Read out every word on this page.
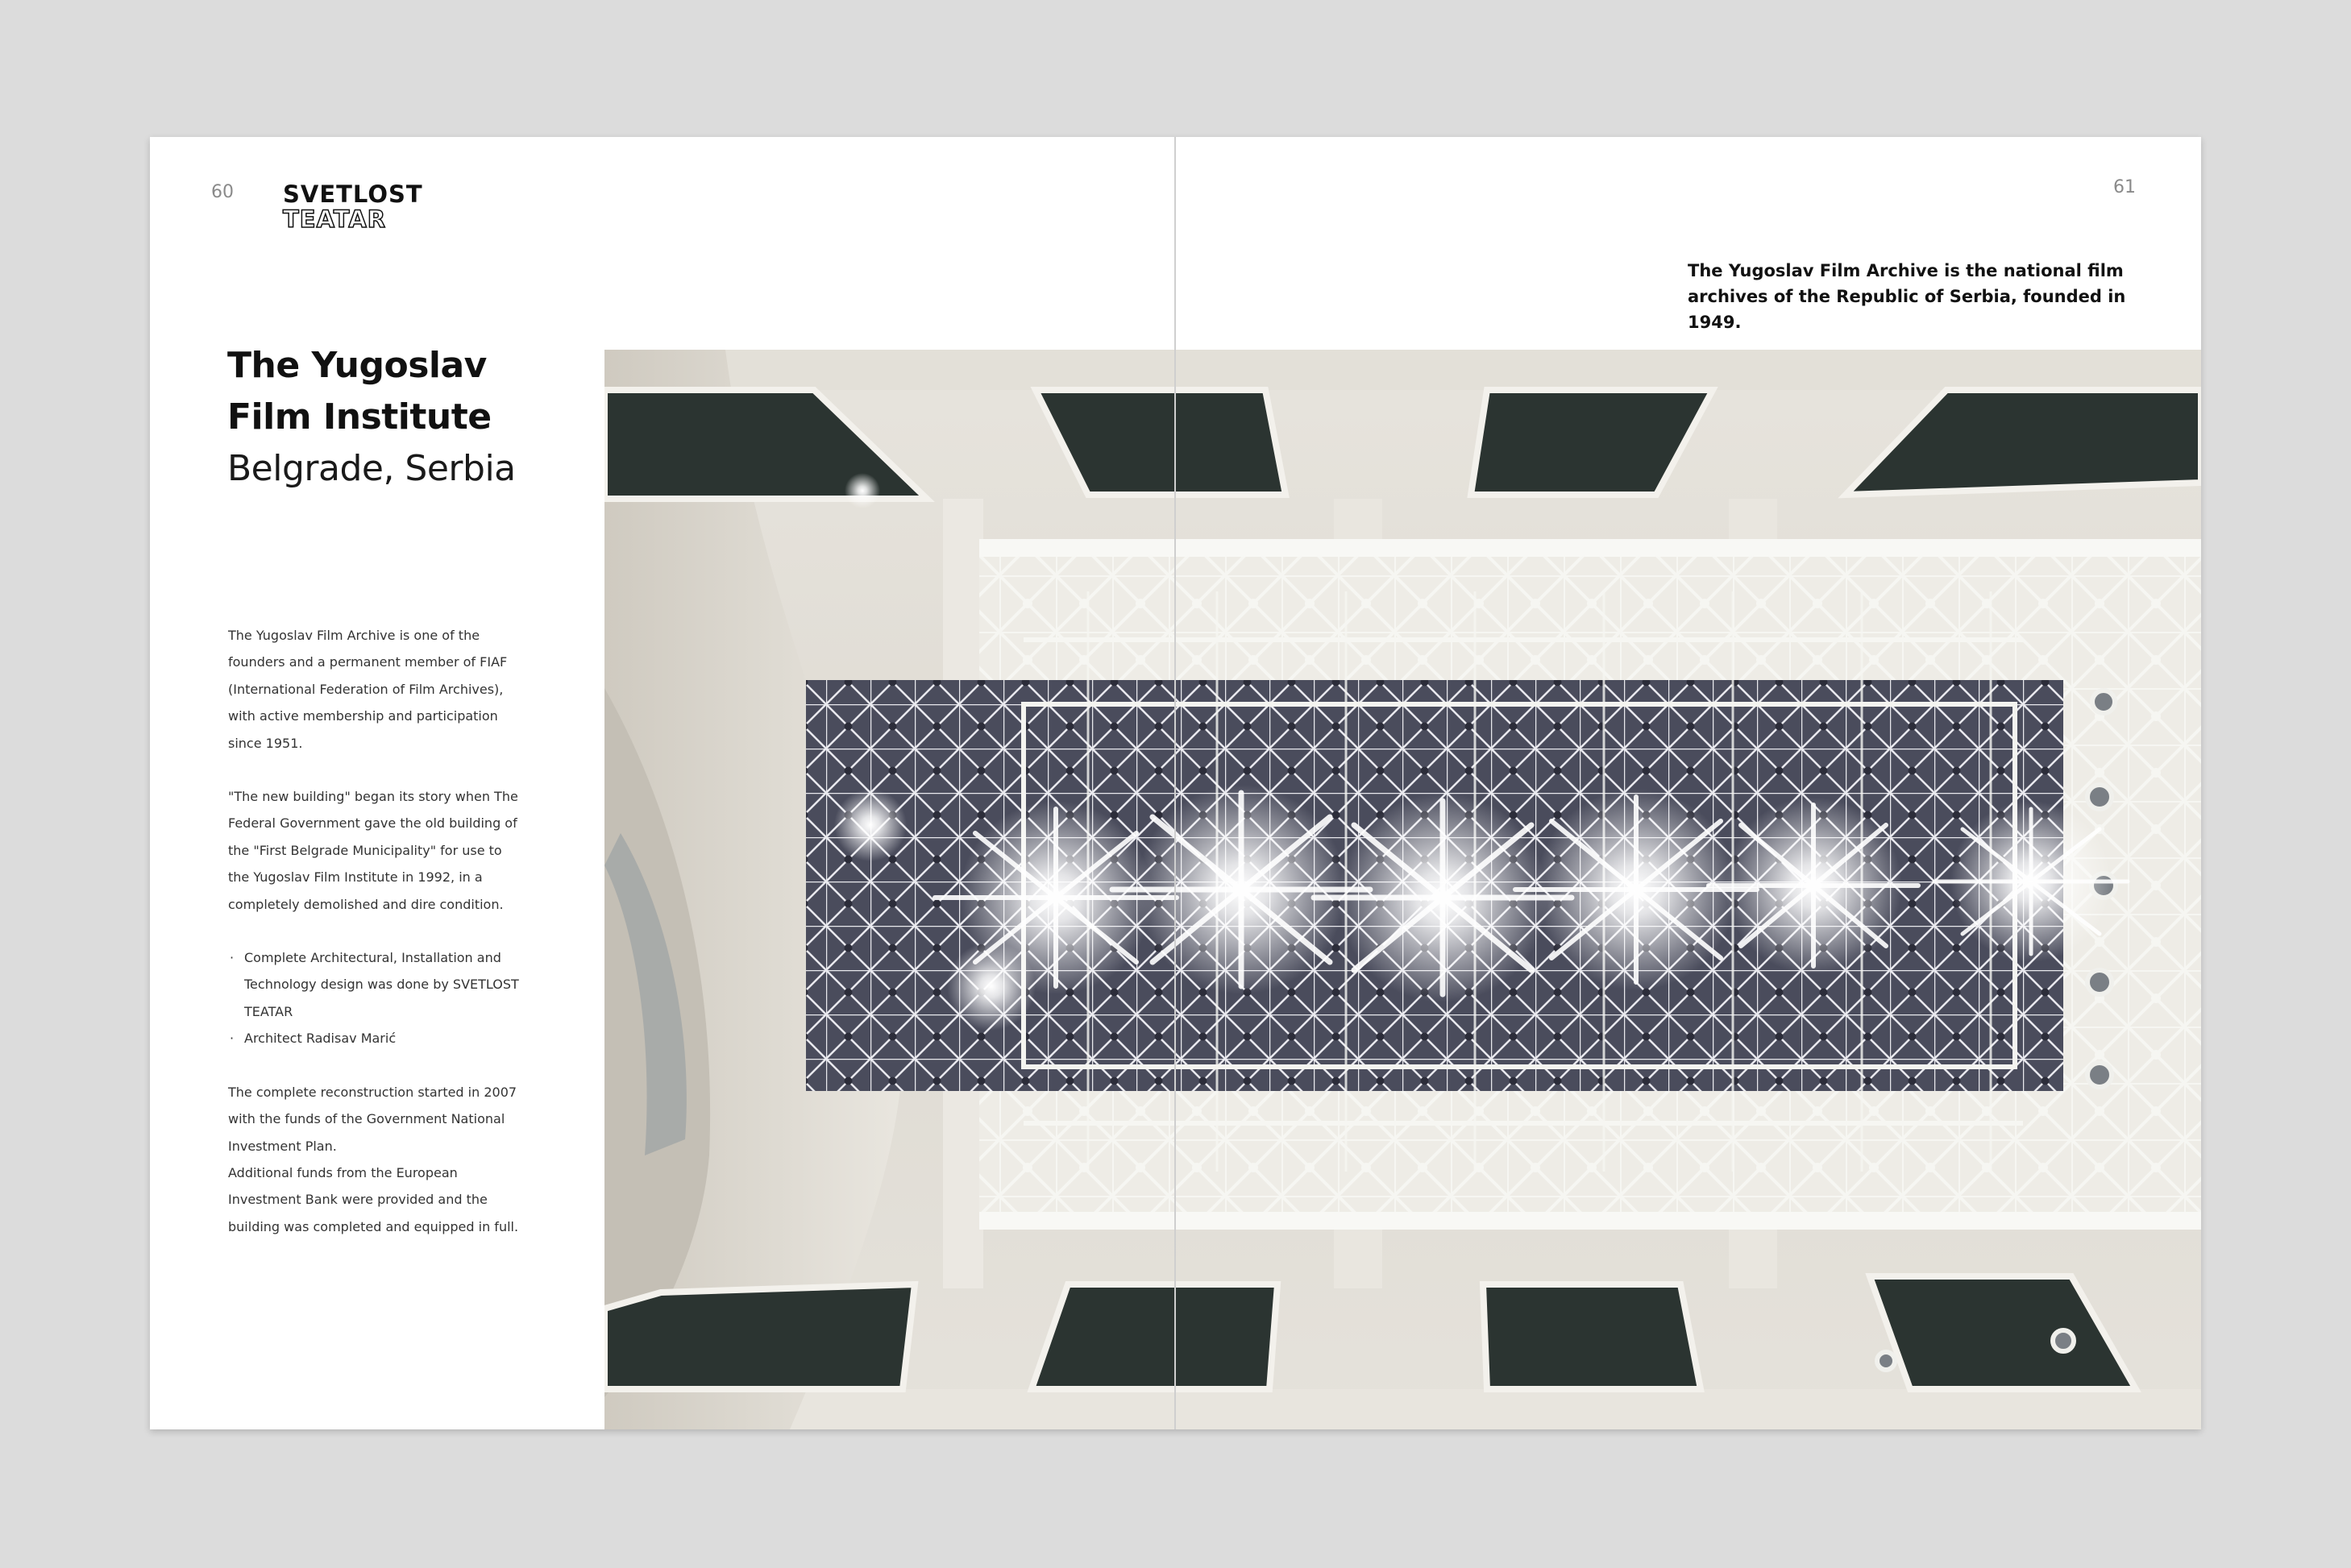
60 SVETLOST
TEATAR
The Yugoslav
Film Institute
Belgrade, Serbia

The Yugoslav Film Archive is one of the founders and a permanent member of FIAF (International Federation of Film Archives), with active membership and participation since 1951.

"The new building" began its story when The Federal Government gave the old building of the "First Belgrade Municipality" for use to the Yugoslav Film Institute in 1992, in a completely demolished and dire condition.

· Complete Architectural, Installation and Technology design was done by SVETLOST TEATAR
· Architect Radisav Marić

The complete reconstruction started in 2007 with the funds of the Government National Investment Plan.

Additional funds from the European Investment Bank were provided and the building was completed and equipped in full.

61
The Yugoslav Film Archive is the national film archives of the Republic of Serbia, founded in 1949.
